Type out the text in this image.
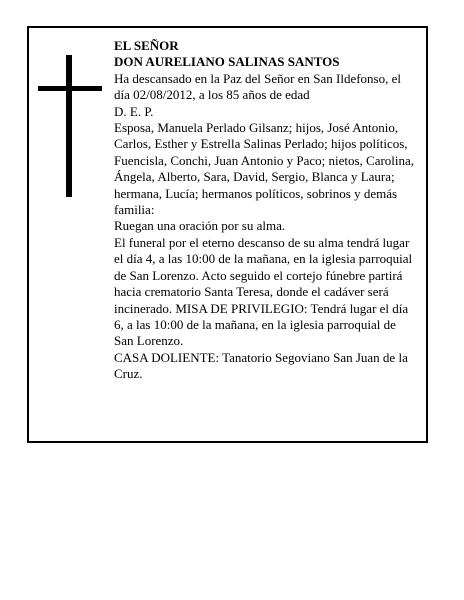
EL SEÑOR

DON AURELIANO SALINAS SANTOS

Ha descansado en la Paz del Señor en San Ildefonso, el día 02/08/2012, a los 85 años de edad

D. E. P.

Esposa, Manuela Perlado Gilsanz; hijos, José Antonio, Carlos, Esther y Estrella Salinas Perlado; hijos políticos, Fuencisla, Conchi, Juan Antonio y Paco; nietos, Carolina, Ángela, Alberto, Sara, David, Sergio, Blanca y Laura; hermana, Lucía; hermanos políticos, sobrinos y demás familia:

Ruegan una oración por su alma.

El funeral por el eterno descanso de su alma tendrá lugar el día 4, a las 10:00 de la mañana, en la iglesia parroquial de San Lorenzo. Acto seguido el cortejo fúnebre partirá hacia crematorio Santa Teresa, donde el cadáver será incinerado. MISA DE PRIVILEGIO: Tendrá lugar el día 6, a las 10:00 de la mañana, en la iglesia parroquial de San Lorenzo.

CASA DOLIENTE: Tanatorio Segoviano San Juan de la Cruz.
